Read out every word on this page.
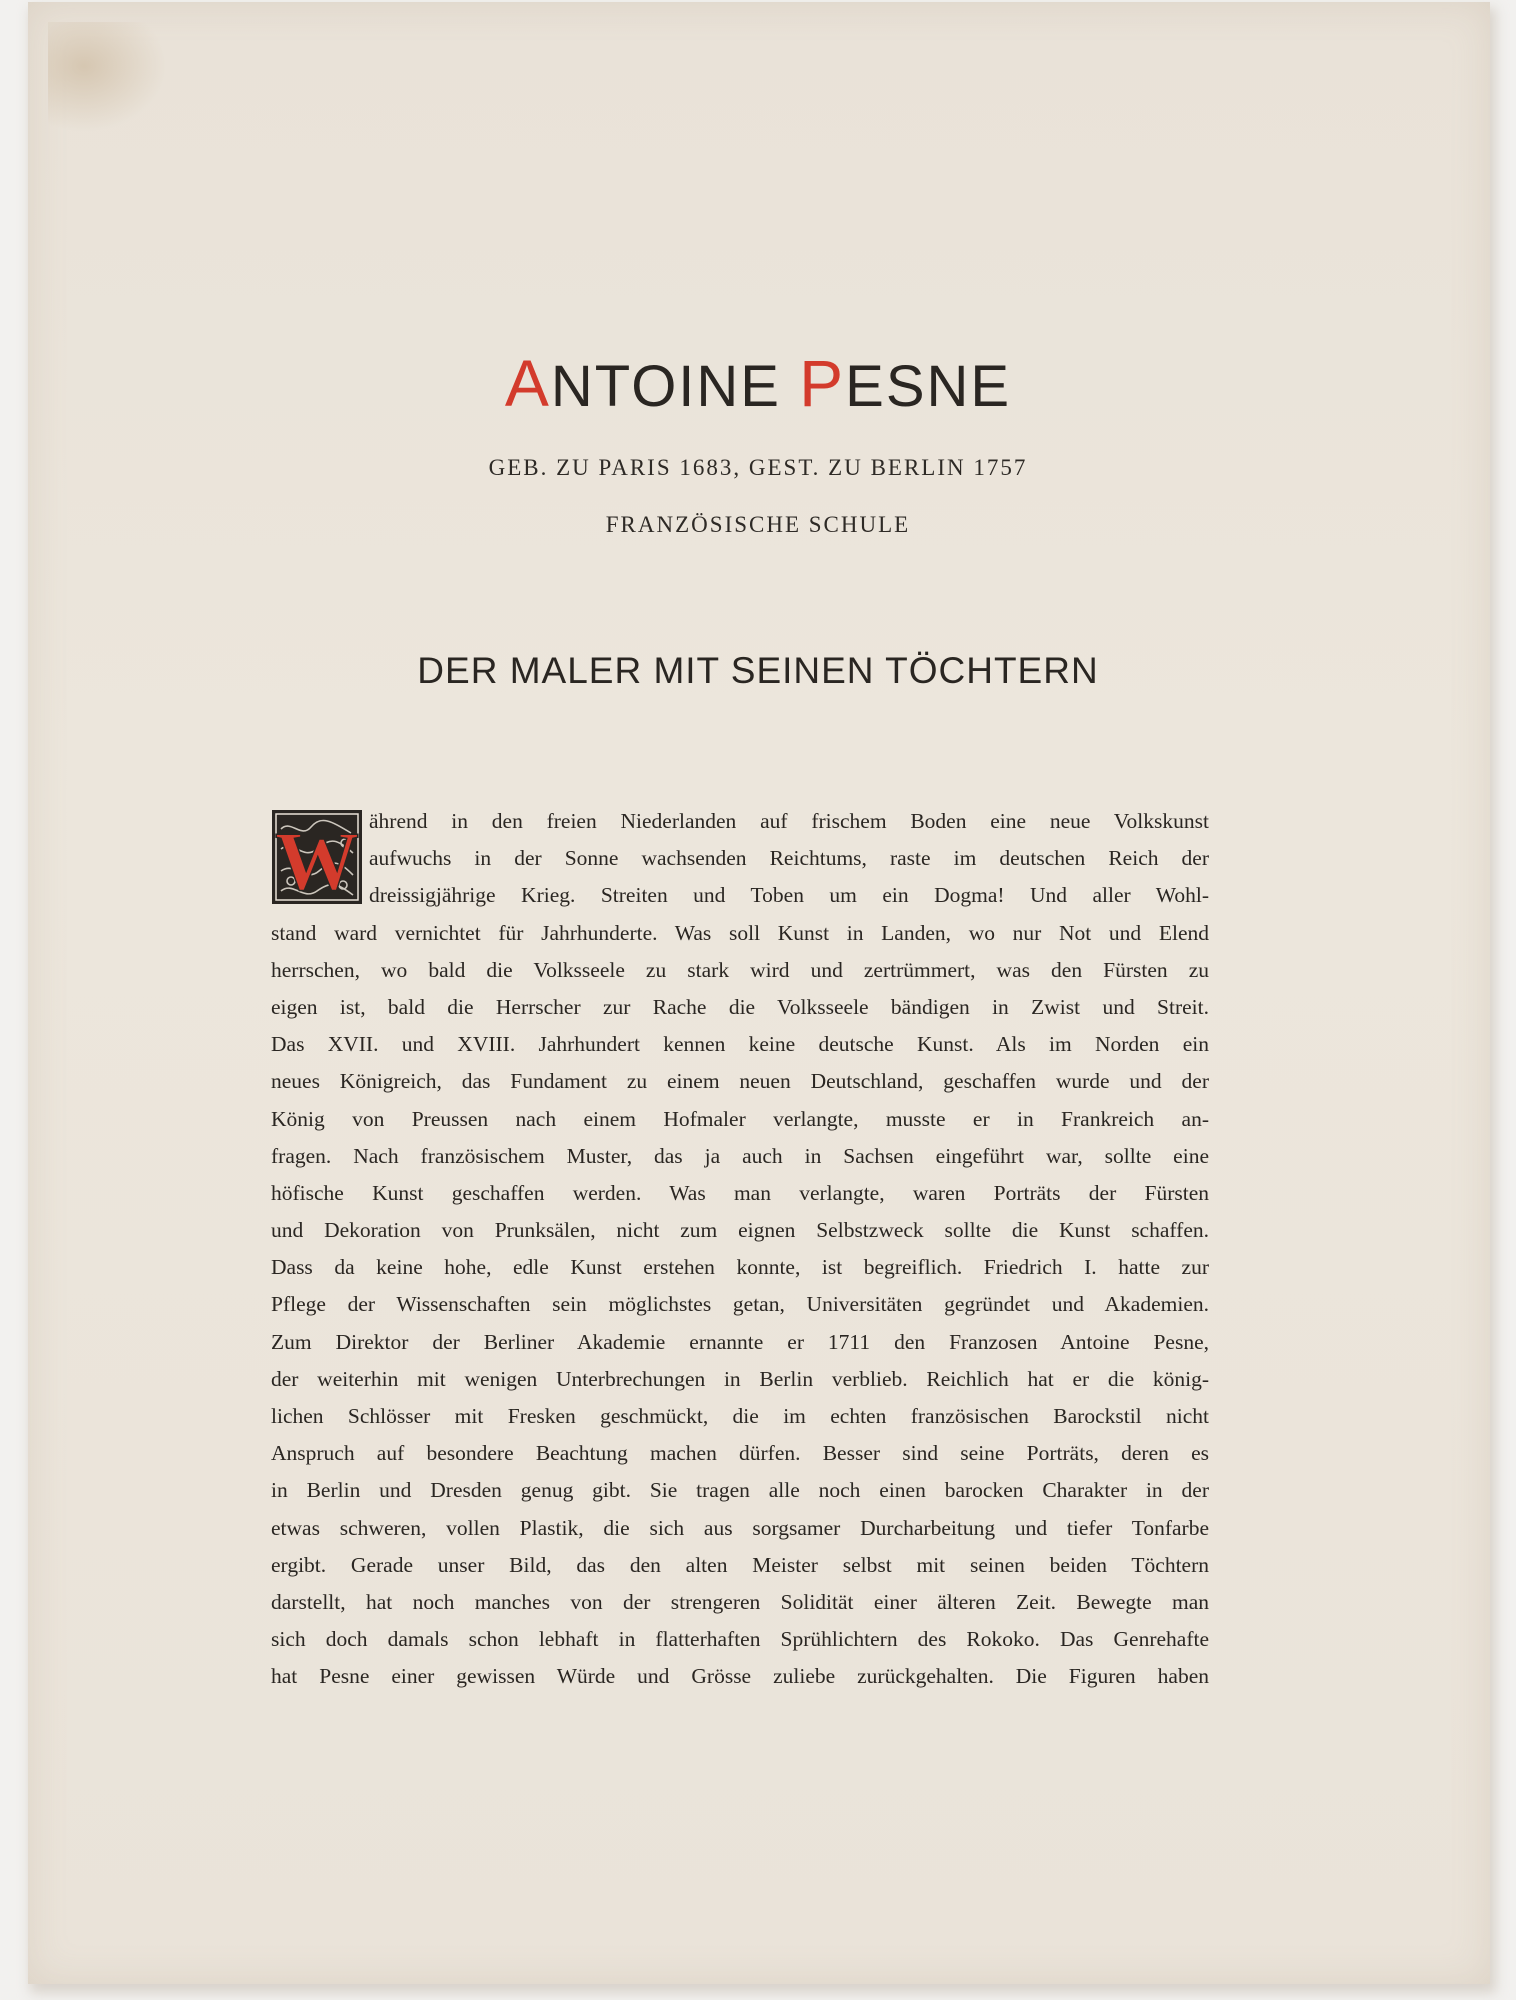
ANTOINE PESNE
GEB. ZU PARIS 1683, GEST. ZU BERLIN 1757
FRANZÖSISCHE SCHULE
DER MALER MIT SEINEN TÖCHTERN
W ährend in den freien Niederlanden auf frischem Boden eine neue Volkskunst
aufwuchs in der Sonne wachsenden Reichtums, raste im deutschen Reich der
dreissigjährige Krieg. Streiten und Toben um ein Dogma! Und aller Wohl-
stand ward vernichtet für Jahrhunderte. Was soll Kunst in Landen, wo nur Not und Elend
herrschen, wo bald die Volksseele zu stark wird und zertrümmert, was den Fürsten zu
eigen ist, bald die Herrscher zur Rache die Volksseele bändigen in Zwist und Streit.
Das XVII. und XVIII. Jahrhundert kennen keine deutsche Kunst. Als im Norden ein
neues Königreich, das Fundament zu einem neuen Deutschland, geschaffen wurde und der
König von Preussen nach einem Hofmaler verlangte, musste er in Frankreich an-
fragen. Nach französischem Muster, das ja auch in Sachsen eingeführt war, sollte eine
höfische Kunst geschaffen werden. Was man verlangte, waren Porträts der Fürsten
und Dekoration von Prunksälen, nicht zum eignen Selbstzweck sollte die Kunst schaffen.
Dass da keine hohe, edle Kunst erstehen konnte, ist begreiflich. Friedrich I. hatte zur
Pflege der Wissenschaften sein möglichstes getan, Universitäten gegründet und Akademien.
Zum Direktor der Berliner Akademie ernannte er 1711 den Franzosen Antoine Pesne,
der weiterhin mit wenigen Unterbrechungen in Berlin verblieb. Reichlich hat er die könig-
lichen Schlösser mit Fresken geschmückt, die im echten französischen Barockstil nicht
Anspruch auf besondere Beachtung machen dürfen. Besser sind seine Porträts, deren es
in Berlin und Dresden genug gibt. Sie tragen alle noch einen barocken Charakter in der
etwas schweren, vollen Plastik, die sich aus sorgsamer Durcharbeitung und tiefer Tonfarbe
ergibt. Gerade unser Bild, das den alten Meister selbst mit seinen beiden Töchtern
darstellt, hat noch manches von der strengeren Solidität einer älteren Zeit. Bewegte man
sich doch damals schon lebhaft in flatterhaften Sprühlichtern des Rokoko. Das Genrehafte
hat Pesne einer gewissen Würde und Grösse zuliebe zurückgehalten. Die Figuren haben
